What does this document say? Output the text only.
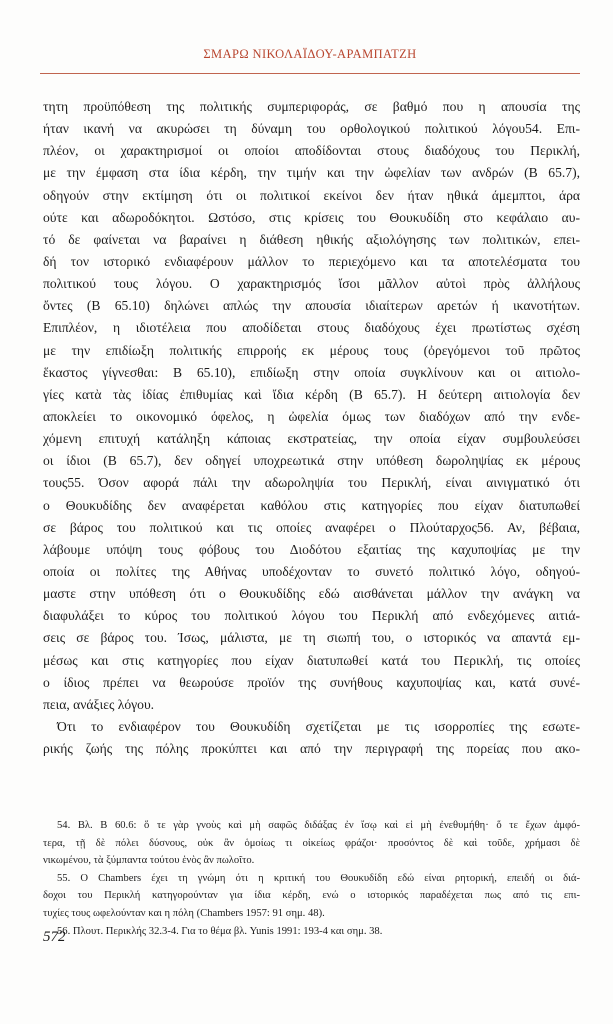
ΣΜΑΡΩ ΝΙΚΟΛΑΪΔΟΥ-ΑΡΑΜΠΑΤΖΗ
τητη προϋπόθεση της πολιτικής συμπεριφοράς, σε βαθμό που η απουσία της
ήταν ικανή να ακυρώσει τη δύναμη του ορθολογικού πολιτικού λόγου54. Επι-
πλέον, οι χαρακτηρισμοί οι οποίοι αποδίδονται στους διαδόχους του Περικλή,
με την έμφαση στα ίδια κέρδη, την τιμήν και την ὠφελίαν των ανδρών (Β 65.7),
οδηγούν στην εκτίμηση ότι οι πολιτικοί εκείνοι δεν ήταν ηθικά άμεμπτοι, άρα
ούτε και αδωροδόκητοι. Ωστόσο, στις κρίσεις του Θουκυδίδη στο κεφάλαιο αυ-
τό δε φαίνεται να βαραίνει η διάθεση ηθικής αξιολόγησης των πολιτικών, επει-
δή τον ιστορικό ενδιαφέρουν μάλλον το περιεχόμενο και τα αποτελέσματα του
πολιτικού τους λόγου. Ο χαρακτηρισμός ἴσοι μᾶλλον αὐτοὶ πρὸς ἀλλήλους
ὄντες (Β 65.10) δηλώνει απλώς την απουσία ιδιαίτερων αρετών ή ικανοτήτων.
Επιπλέον, η ιδιοτέλεια που αποδίδεται στους διαδόχους έχει πρωτίστως σχέση
με την επιδίωξη πολιτικής επιρροής εκ μέρους τους (ὀρεγόμενοι τοῦ πρῶτος
ἕκαστος γίγνεσθαι: Β 65.10), επιδίωξη στην οποία συγκλίνουν και οι αιτιολο-
γίες κατὰ τὰς ἰδίας ἐπιθυμίας καὶ ἴδια κέρδη (Β 65.7). Η δεύτερη αιτιολογία δεν
αποκλείει το οικονομικό όφελος, η ὠφελία όμως των διαδόχων από την ενδε-
χόμενη επιτυχή κατάληξη κάποιας εκστρατείας, την οποία είχαν συμβουλεύσει
οι ίδιοι (Β 65.7), δεν οδηγεί υποχρεωτικά στην υπόθεση δωροληψίας εκ μέρους
τους55. Όσον αφορά πάλι την αδωροληψία του Περικλή, είναι αινιγματικό ότι
ο Θουκυδίδης δεν αναφέρεται καθόλου στις κατηγορίες που είχαν διατυπωθεί
σε βάρος του πολιτικού και τις οποίες αναφέρει ο Πλούταρχος56. Αν, βέβαια,
λάβουμε υπόψη τους φόβους του Διοδότου εξαιτίας της καχυποψίας με την
οποία οι πολίτες της Αθήνας υποδέχονταν το συνετό πολιτικό λόγο, οδηγού-
μαστε στην υπόθεση ότι ο Θουκυδίδης εδώ αισθάνεται μάλλον την ανάγκη να
διαφυλάξει το κύρος του πολιτικού λόγου του Περικλή από ενδεχόμενες αιτιά-
σεις σε βάρος του. Ίσως, μάλιστα, με τη σιωπή του, ο ιστορικός να απαντά εμ-
μέσως και στις κατηγορίες που είχαν διατυπωθεί κατά του Περικλή, τις οποίες
ο ίδιος πρέπει να θεωρούσε προϊόν της συνήθους καχυποψίας και, κατά συνέ-
πεια, ανάξιες λόγου.
Ότι το ενδιαφέρον του Θουκυδίδη σχετίζεται με τις ισορροπίες της εσωτε-
ρικής ζωής της πόλης προκύπτει και από την περιγραφή της πορείας που ακο-
54. Βλ. Β 60.6: ὅ τε γὰρ γνοὺς καὶ μὴ σαφῶς διδάξας ἐν ἴσῳ καὶ εἰ μὴ ἐνεθυμήθη· ὅ τε ἔχων ἀμφό-
τερα, τῇ δὲ πόλει δύσνους, οὐκ ἂν ὁμοίως τι οἰκείως φράζοι· προσόντος δὲ καὶ τοῦδε, χρήμασι δὲ
νικωμένου, τὰ ξύμπαντα τούτου ἑνὸς ἂν πωλοῖτο.
55. Ο Chambers έχει τη γνώμη ότι η κριτική του Θουκυδίδη εδώ είναι ρητορική, επειδή οι διά-
δοχοι του Περικλή κατηγορούνταν για ίδια κέρδη, ενώ ο ιστορικός παραδέχεται πως από τις επι-
τυχίες τους ωφελούνταν και η πόλη (Chambers 1957: 91 σημ. 48).
56. Πλουτ. Περικλής 32.3-4. Για το θέμα βλ. Yunis 1991: 193-4 και σημ. 38.
572
